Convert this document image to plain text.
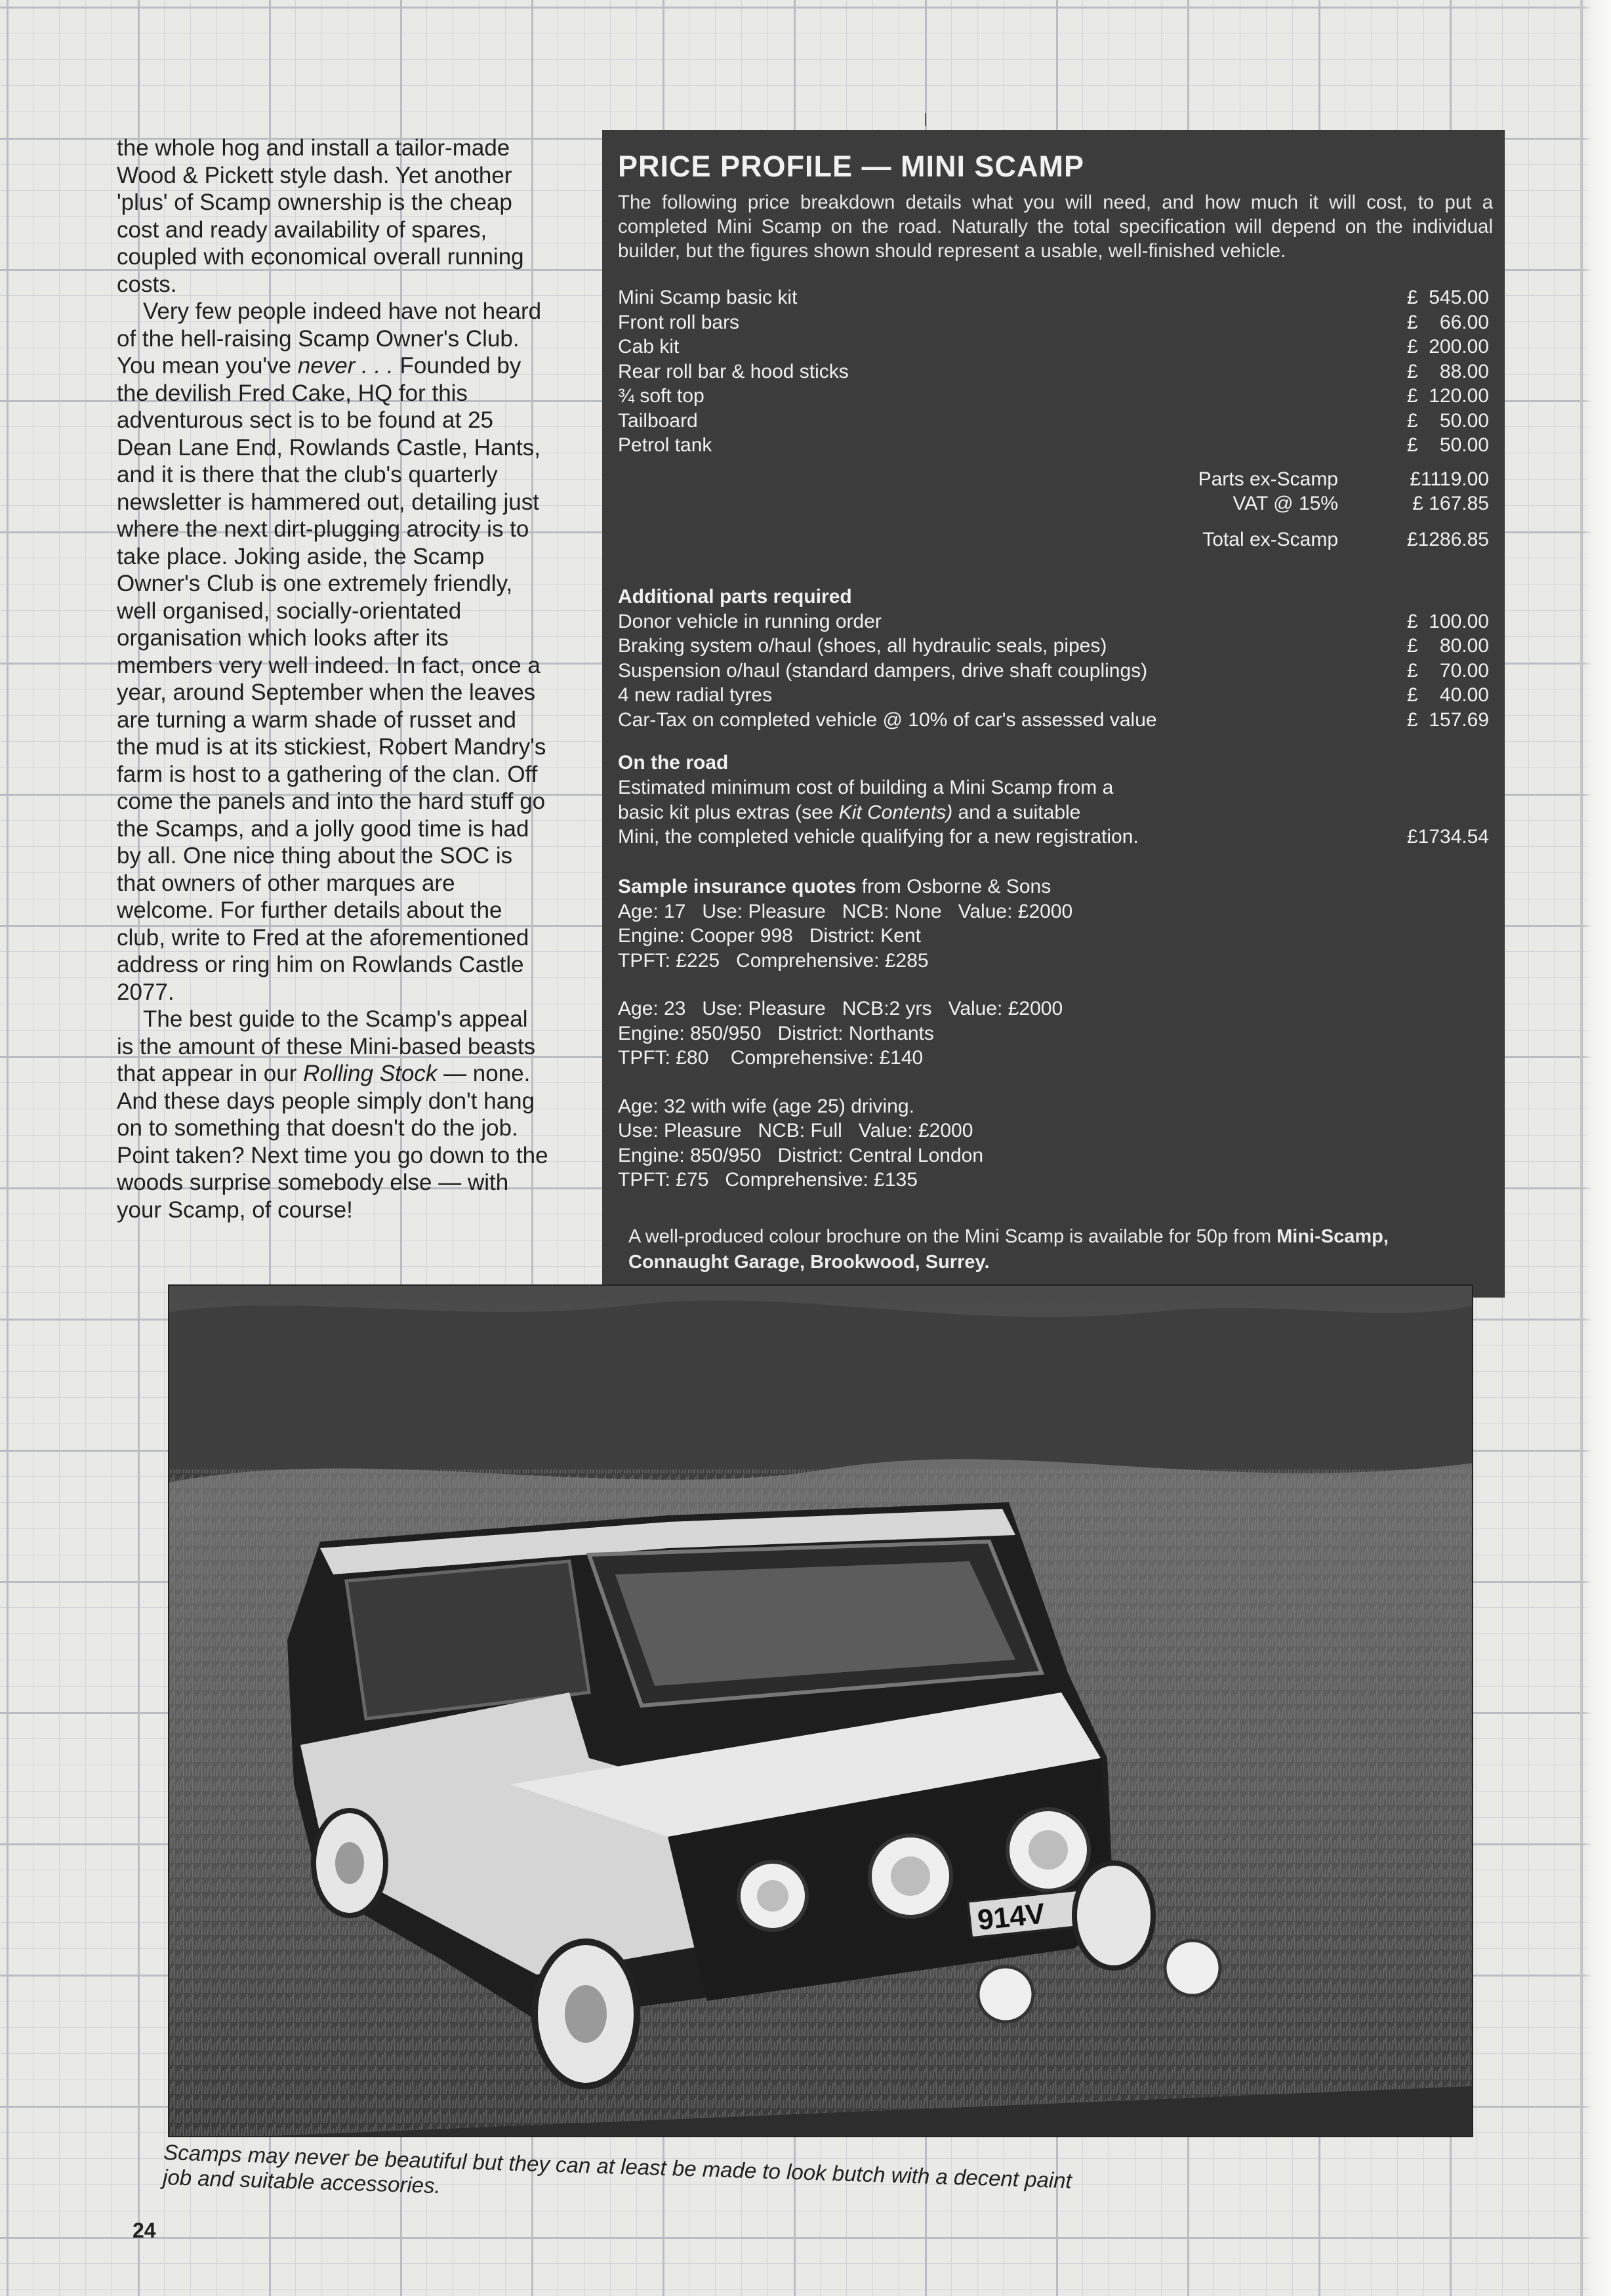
the whole hog and install a tailor-made Wood & Pickett style dash. Yet another 'plus' of Scamp ownership is the cheap cost and ready availability of spares, coupled with economical overall running costs.

Very few people indeed have not heard of the hell-raising Scamp Owner's Club. You mean you've never . . . Founded by the devilish Fred Cake, HQ for this adventurous sect is to be found at 25 Dean Lane End, Rowlands Castle, Hants, and it is there that the club's quarterly newsletter is hammered out, detailing just where the next dirt-plugging atrocity is to take place. Joking aside, the Scamp Owner's Club is one extremely friendly, well organised, socially-orientated organisation which looks after its members very well indeed. In fact, once a year, around September when the leaves are turning a warm shade of russet and the mud is at its stickiest, Robert Mandry's farm is host to a gathering of the clan. Off come the panels and into the hard stuff go the Scamps, and a jolly good time is had by all. One nice thing about the SOC is that owners of other marques are welcome. For further details about the club, write to Fred at the aforementioned address or ring him on Rowlands Castle 2077.

The best guide to the Scamp's appeal is the amount of these Mini-based beasts that appear in our Rolling Stock — none. And these days people simply don't hang on to something that doesn't do the job. Point taken? Next time you go down to the woods surprise somebody else — with your Scamp, of course!

PRICE PROFILE — MINI SCAMP
The following price breakdown details what you will need, and how much it will cost, to put a completed Mini Scamp on the road. Naturally the total specification will depend on the individual builder, but the figures shown should represent a usable, well-finished vehicle.
Mini Scamp basic kit	£  545.00
Front roll bars	£    66.00
Cab kit	£  200.00
Rear roll bar & hood sticks	£    88.00
¾ soft top	£  120.00
Tailboard	£    50.00
Petrol tank	£    50.00
Parts ex-Scamp	£1119.00
VAT @ 15%	£ 167.85
Total ex-Scamp	£1286.85
Additional parts required
Donor vehicle in running order	£  100.00
Braking system o/haul (shoes, all hydraulic seals, pipes)	£    80.00
Suspension o/haul (standard dampers, drive shaft couplings)	£    70.00
4 new radial tyres	£    40.00
Car-Tax on completed vehicle @ 10% of car's assessed value	£  157.69
On the road
Estimated minimum cost of building a Mini Scamp from a
basic kit plus extras (see Kit Contents) and a suitable
Mini, the completed vehicle qualifying for a new registration.	£1734.54
Sample insurance quotes from Osborne & Sons
Age: 17   Use: Pleasure   NCB: None   Value: £2000
Engine: Cooper 998   District: Kent
TPFT: £225   Comprehensive: £285
Age: 23   Use: Pleasure   NCB:2 yrs   Value: £2000
Engine: 850/950   District: Northants
TPFT: £80    Comprehensive: £140
Age: 32 with wife (age 25) driving.
Use: Pleasure   NCB: Full   Value: £2000
Engine: 850/950   District: Central London
TPFT: £75   Comprehensive: £135
A well-produced colour brochure on the Mini Scamp is available for 50p from Mini-Scamp, Connaught Garage, Brookwood, Surrey.
914V
Scamps may never be beautiful but they can at least be made to look butch with a decent paint job and suitable accessories.
24
